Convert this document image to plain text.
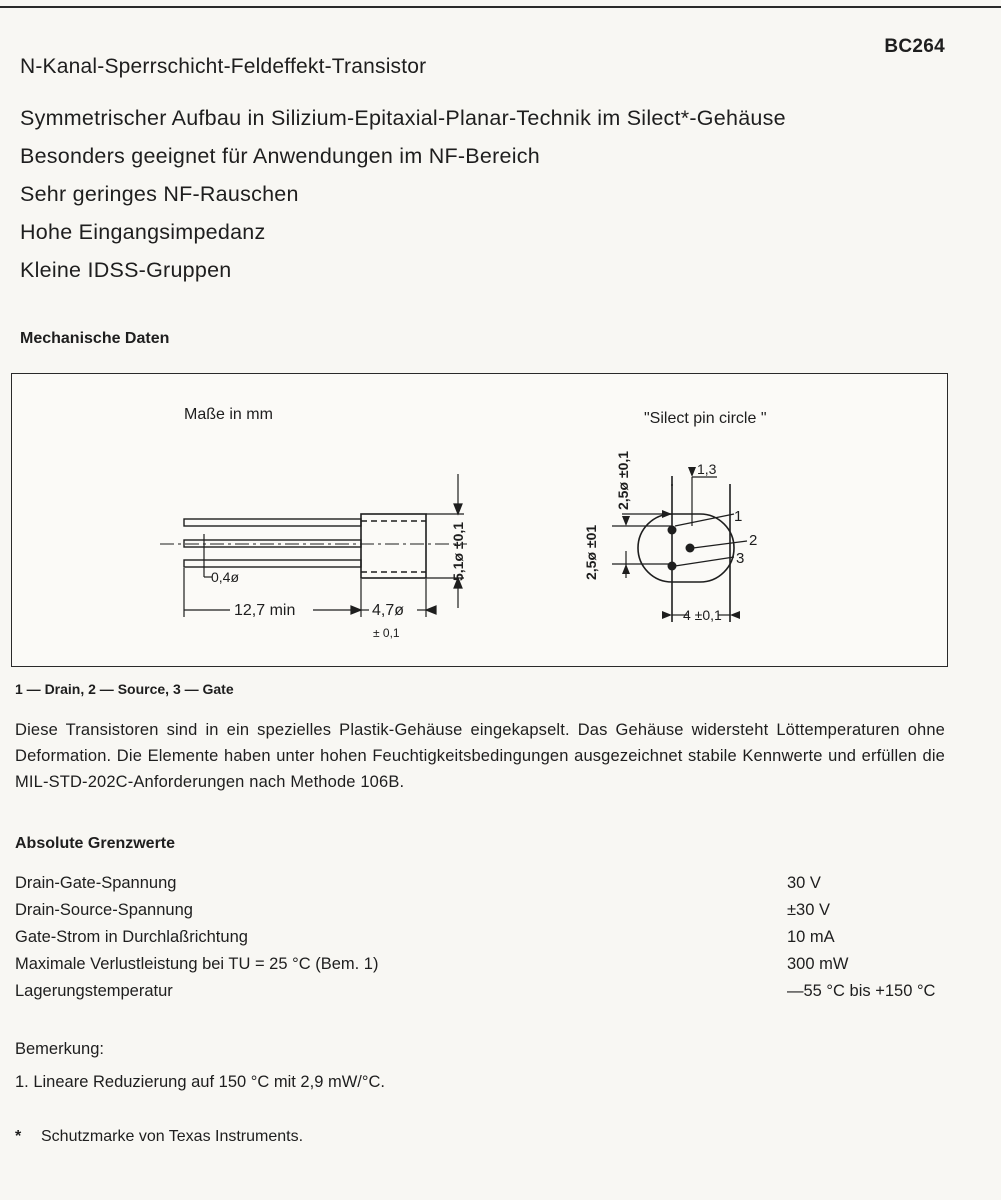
BC264
N-Kanal-Sperrschicht-Feldeffekt-Transistor
Symmetrischer Aufbau in Silizium-Epitaxial-Planar-Technik im Silect*-Gehäuse
Besonders geeignet für Anwendungen im NF-Bereich
Sehr geringes NF-Rauschen
Hohe Eingangsimpedanz
Kleine IDSS-Gruppen
Mechanische Daten
Maße in mm	"Silect pin circle "
5,1ø ±0,1
0,4ø
12,7 min	4,7ø
± 0,1
2,5ø ±0,1
2,5ø ±01
1,3
4 ±0,1
1
2
3
1 — Drain, 2 — Source, 3 — Gate

Diese Transistoren sind in ein spezielles Plastik-Gehäuse eingekapselt. Das Gehäuse widersteht Löttemperaturen ohne Deformation. Die Elemente haben unter hohen Feuchtigkeitsbedingungen ausgezeichnet stabile Kennwerte und erfüllen die MIL-STD-202C-Anforderungen nach Methode 106B.

Absolute Grenzwerte
Drain-Gate-Spannung	30 V
Drain-Source-Spannung	±30 V
Gate-Strom in Durchlaßrichtung	10 mA
Maximale Verlustleistung bei TU = 25 °C (Bem. 1)	300 mW
Lagerungstemperatur	—55 °C bis +150 °C
Bemerkung:
1. Lineare Reduzierung auf 150 °C mit 2,9 mW/°C.
* Schutzmarke von Texas Instruments.
